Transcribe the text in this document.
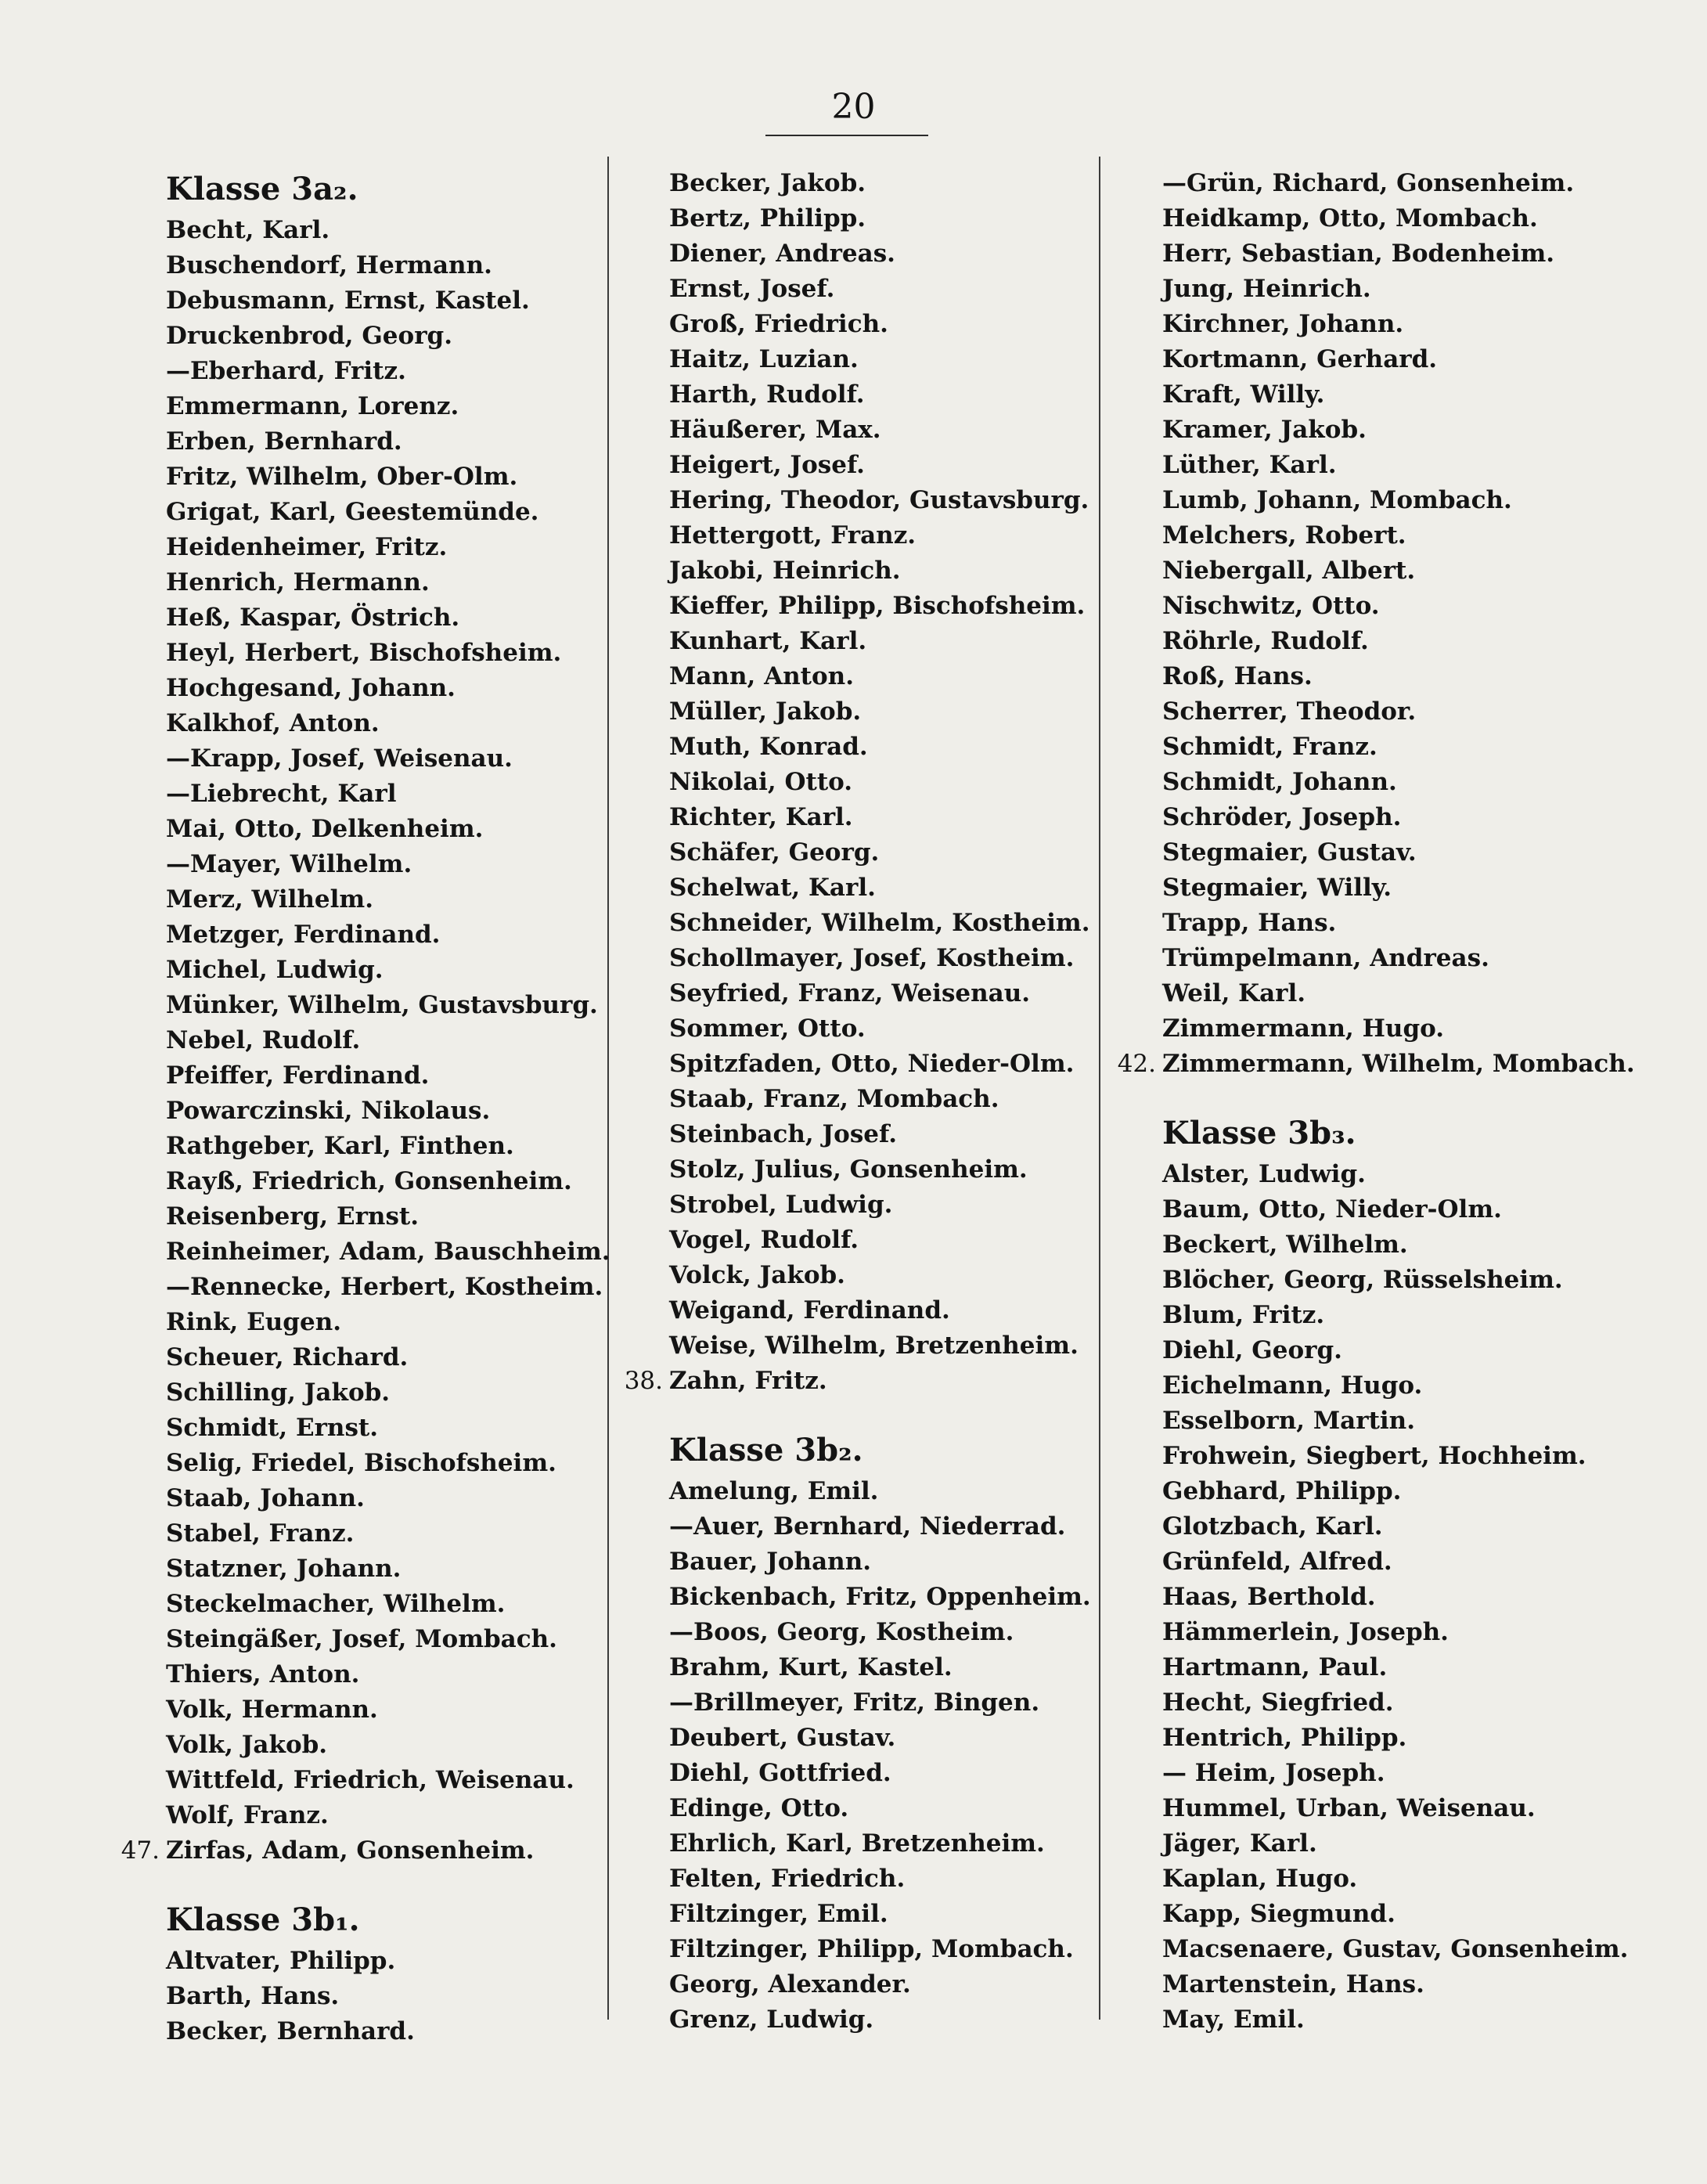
20
Klasse 3a₂.
Becht, Karl.
Buschendorf, Hermann.
Debusmann, Ernst, Kastel.
Druckenbrod, Georg.
—Eberhard, Fritz.
Emmermann, Lorenz.
Erben, Bernhard.
Fritz, Wilhelm, Ober-Olm.
Grigat, Karl, Geestemünde.
Heidenheimer, Fritz.
Henrich, Hermann.
Heß, Kaspar, Östrich.
Heyl, Herbert, Bischofsheim.
Hochgesand, Johann.
Kalkhof, Anton.
—Krapp, Josef, Weisenau.
—Liebrecht, Karl
Mai, Otto, Delkenheim.
—Mayer, Wilhelm.
Merz, Wilhelm.
Metzger, Ferdinand.
Michel, Ludwig.
Münker, Wilhelm, Gustavsburg.
Nebel, Rudolf.
Pfeiffer, Ferdinand.
Powarczinski, Nikolaus.
Rathgeber, Karl, Finthen.
Rayß, Friedrich, Gonsenheim.
Reisenberg, Ernst.
Reinheimer, Adam, Bauschheim.
—Rennecke, Herbert, Kostheim.
Rink, Eugen.
Scheuer, Richard.
Schilling, Jakob.
Schmidt, Ernst.
Selig, Friedel, Bischofsheim.
Staab, Johann.
Stabel, Franz.
Statzner, Johann.
Steckelmacher, Wilhelm.
Steingäßer, Josef, Mombach.
Thiers, Anton.
Volk, Hermann.
Volk, Jakob.
Wittfeld, Friedrich, Weisenau.
Wolf, Franz.
47. Zirfas, Adam, Gonsenheim.
Klasse 3b₁.
Altvater, Philipp.
Barth, Hans.
Becker, Bernhard.
Becker, Jakob.
Bertz, Philipp.
Diener, Andreas.
Ernst, Josef.
Groß, Friedrich.
Haitz, Luzian.
Harth, Rudolf.
Häußerer, Max.
Heigert, Josef.
Hering, Theodor, Gustavsburg.
Hettergott, Franz.
Jakobi, Heinrich.
Kieffer, Philipp, Bischofsheim.
Kunhart, Karl.
Mann, Anton.
Müller, Jakob.
Muth, Konrad.
Nikolai, Otto.
Richter, Karl.
Schäfer, Georg.
Schelwat, Karl.
Schneider, Wilhelm, Kostheim.
Schollmayer, Josef, Kostheim.
Seyfried, Franz, Weisenau.
Sommer, Otto.
Spitzfaden, Otto, Nieder-Olm.
Staab, Franz, Mombach.
Steinbach, Josef.
Stolz, Julius, Gonsenheim.
Strobel, Ludwig.
Vogel, Rudolf.
Volck, Jakob.
Weigand, Ferdinand.
Weise, Wilhelm, Bretzenheim.
38. Zahn, Fritz.
Klasse 3b₂.
Amelung, Emil.
—Auer, Bernhard, Niederrad.
Bauer, Johann.
Bickenbach, Fritz, Oppenheim.
—Boos, Georg, Kostheim.
Brahm, Kurt, Kastel.
—Brillmeyer, Fritz, Bingen.
Deubert, Gustav.
Diehl, Gottfried.
Edinge, Otto.
Ehrlich, Karl, Bretzenheim.
Felten, Friedrich.
Filtzinger, Emil.
Filtzinger, Philipp, Mombach.
Georg, Alexander.
Grenz, Ludwig.
—Grün, Richard, Gonsenheim.
Heidkamp, Otto, Mombach.
Herr, Sebastian, Bodenheim.
Jung, Heinrich.
Kirchner, Johann.
Kortmann, Gerhard.
Kraft, Willy.
Kramer, Jakob.
Lüther, Karl.
Lumb, Johann, Mombach.
Melchers, Robert.
Niebergall, Albert.
Nischwitz, Otto.
Röhrle, Rudolf.
Roß, Hans.
Scherrer, Theodor.
Schmidt, Franz.
Schmidt, Johann.
Schröder, Joseph.
Stegmaier, Gustav.
Stegmaier, Willy.
Trapp, Hans.
Trümpelmann, Andreas.
Weil, Karl.
Zimmermann, Hugo.
42. Zimmermann, Wilhelm, Mombach.
Klasse 3b₃.
Alster, Ludwig.
Baum, Otto, Nieder-Olm.
Beckert, Wilhelm.
Blöcher, Georg, Rüsselsheim.
Blum, Fritz.
Diehl, Georg.
Eichelmann, Hugo.
Esselborn, Martin.
Frohwein, Siegbert, Hochheim.
Gebhard, Philipp.
Glotzbach, Karl.
Grünfeld, Alfred.
Haas, Berthold.
Hämmerlein, Joseph.
Hartmann, Paul.
Hecht, Siegfried.
Hentrich, Philipp.
— Heim, Joseph.
Hummel, Urban, Weisenau.
Jäger, Karl.
Kaplan, Hugo.
Kapp, Siegmund.
Macsenaere, Gustav, Gonsenheim.
Martenstein, Hans.
May, Emil.
